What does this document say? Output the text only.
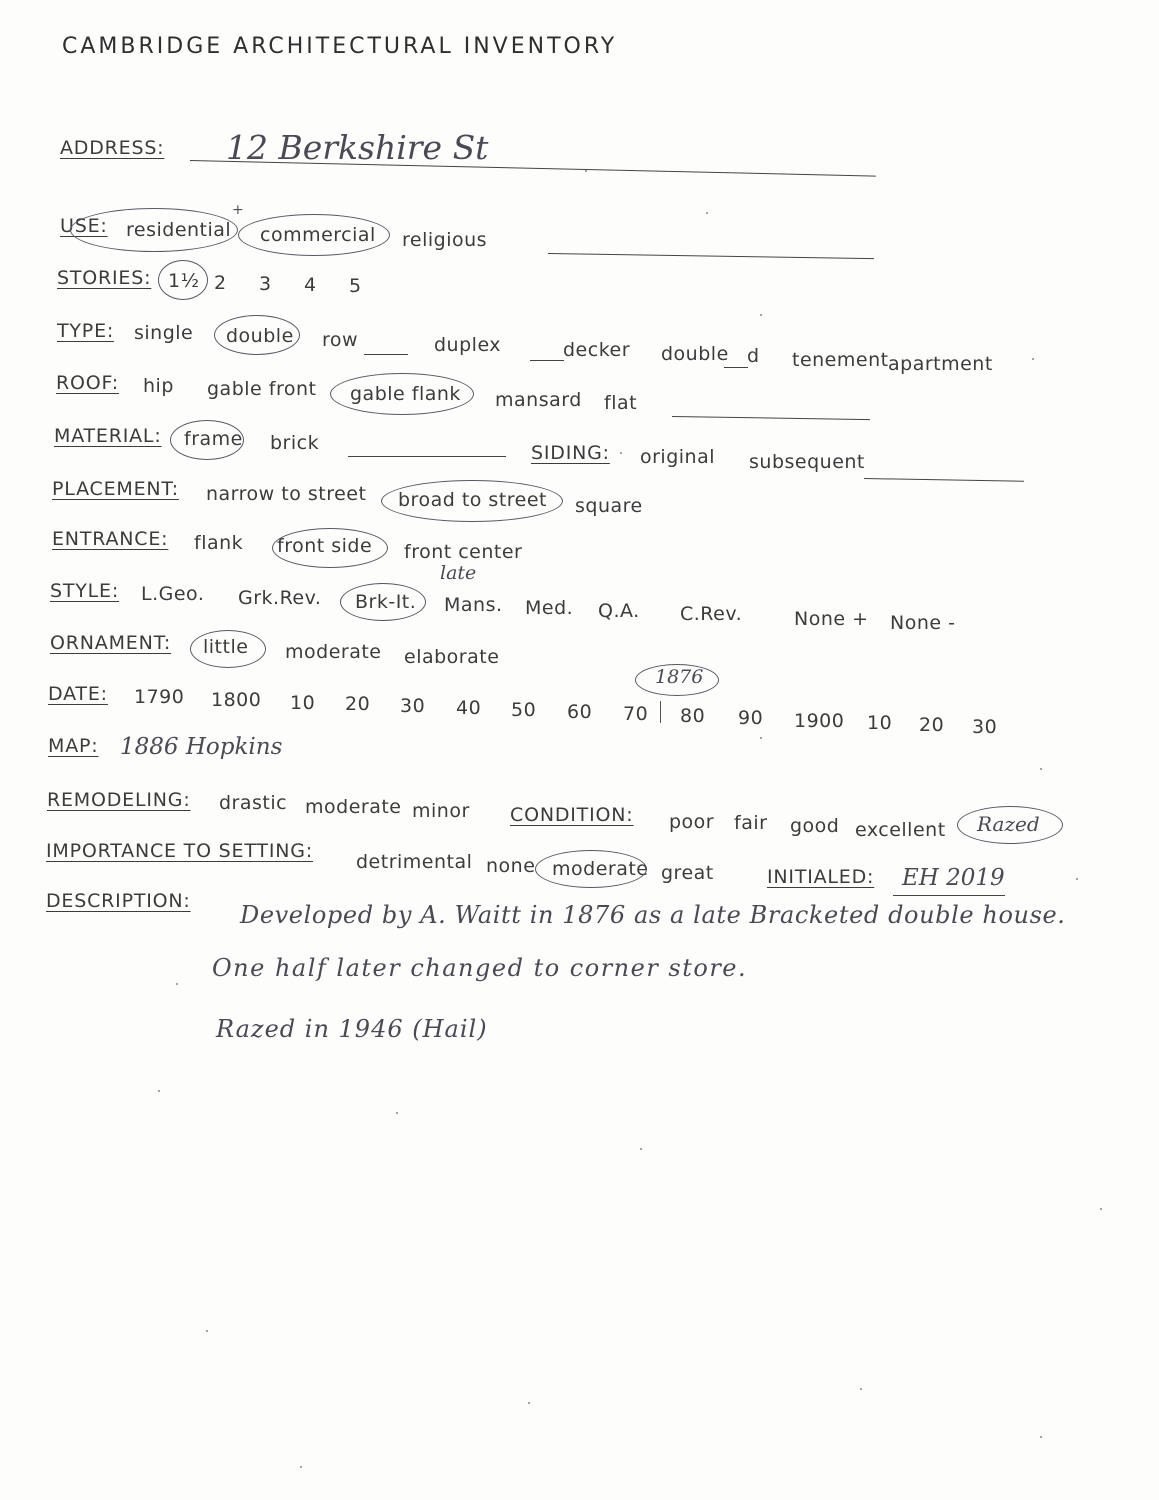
CAMBRIDGE ARCHITECTURAL INVENTORY
ADDRESS: 12 Berkshire St
USE: residential
+
commercial religious
STORIES: 1½ 2 3 4 5
TYPE: single double row	duplex	decker double d tenement apartment
ROOF: hip gable front gable flank mansard flat
MATERIAL: frame brick	SIDING: original subsequent
PLACEMENT: narrow to street broad to street square
ENTRANCE: flank front side front center
STYLE: L.Geo. Grk.Rev. Brk-It.
late
Mans. Med. Q.A. C.Rev.	None + None -
ORNAMENT: little moderate elaborate
DATE: 1790 1800 10 20 30 40 50 60 70
1876
80 90 1900 10 20 30
MAP: 1886 Hopkins
REMODELING: drastic moderate minor CONDITION: poor fair good excellent Razed
IMPORTANCE TO SETTING: detrimental none moderate great	INITIALED: EH 2019
DESCRIPTION: Developed by A. Waitt in 1876 as a late Bracketed double house.
One half later changed to corner store.
Razed in 1946 (Hail)
